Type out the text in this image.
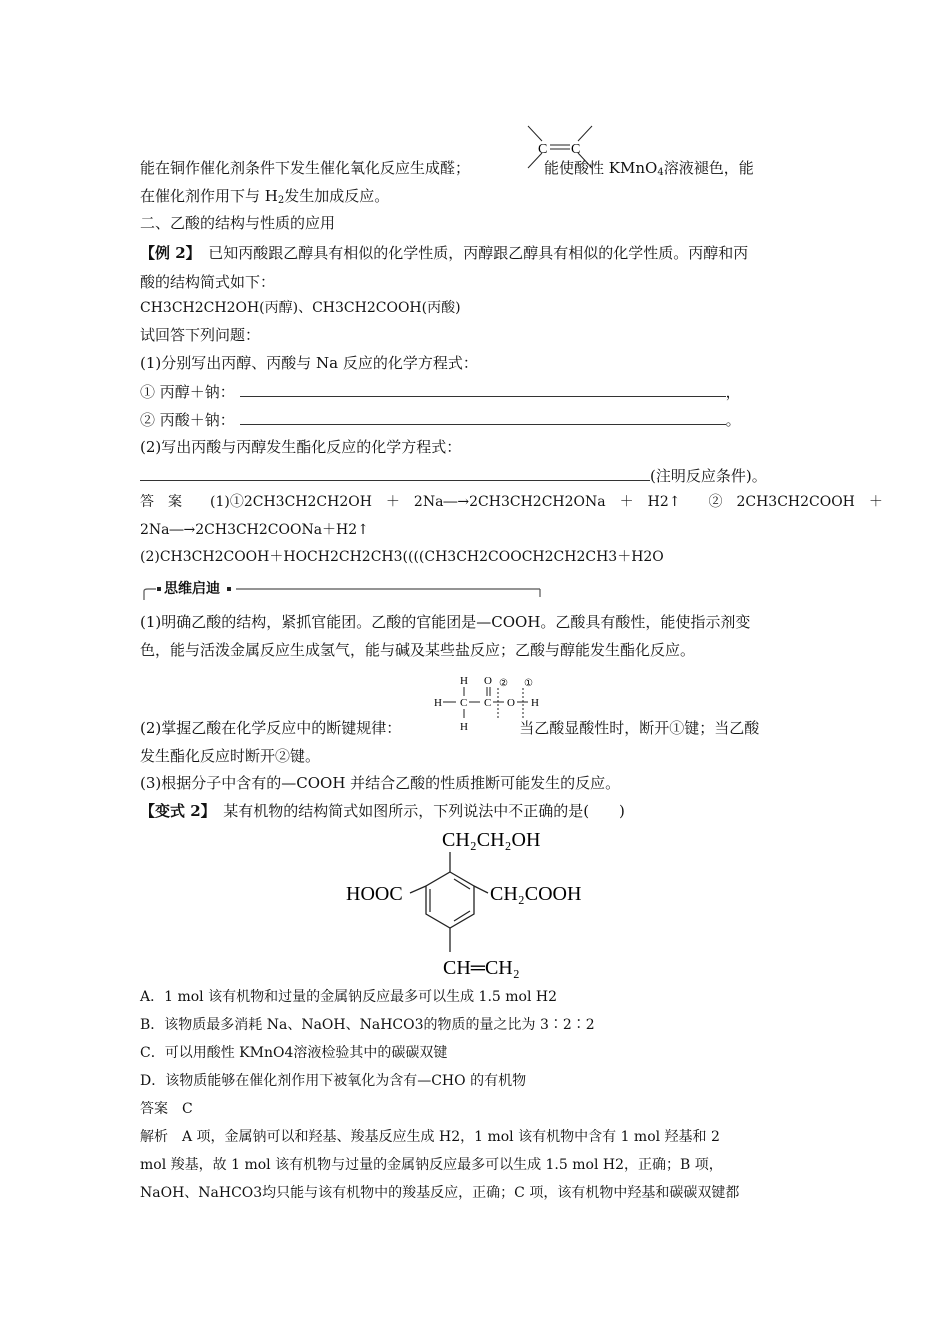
C C
能在铜作催化剂条件下发生催化氧化反应生成醛；	能使酸性 KMnO$_4$溶液褪色，能
在催化剂作用下与 $H_2$发生加成反应。
二、乙酸的结构与性质的应用
【例 2】　 已知丙酸跟乙醇具有相似的化学性质，丙醇跟乙醇具有相似的化学性质。丙醇和丙
酸的结构简式如下：
CH3CH2CH2OH(丙醇)、CH3CH2COOH(丙酸)
试回答下列问题：
(1)分别写出丙醇、丙酸与 Na 反应的化学方程式：
① 丙醇＋钠：	，
② 丙酸＋钠：	。
(2)写出丙酸与丙醇发生酯化反应的化学方程式：
(注明反应条件)。
答　案　　 (1)①2CH3CH2CH2OH　＋　2Na―→2CH3CH2CH2ONa　＋　H2↑　　②　2CH3CH2COOH　＋
2Na―→2CH3CH2COONa＋H2↑
(2)CH3CH2COOH＋HOCH2CH2CH3((((CH3CH2COOCH2CH2CH3＋H2O
思维启迪
(1)明确乙酸的结构，紧抓官能团。乙酸的官能团是—COOH。乙酸具有酸性，能使指示剂变
色，能与活泼金属反应生成氢气，能与碱及某些盐反应；乙酸与醇能发生酯化反应。
H
H C
H
O
C
②
O
①
H
(2)掌握乙酸在化学反应中的断键规律：	当乙酸显酸性时，断开①键；当乙酸
发生酯化反应时断开②键。
(3)根据分子中含有的—COOH 并结合乙酸的性质推断可能发生的反应。
【变式 2】　 某有机物的结构简式如图所示，下列说法中不正确的是(　　)
CH₂CH₂OH
HOOC	CH₂COOH
CH═CH₂
A．1 mol 该有机物和过量的金属钠反应最多可以生成 1.5 mol H2
B．该物质最多消耗 Na、NaOH、NaHCO3的物质的量之比为 3∶2∶2
C．可以用酸性 KMnO4溶液检验其中的碳碳双键
D．该物质能够在催化剂作用下被氧化为含有—CHO 的有机物
答案　C
解析　A 项，金属钠可以和羟基、羧基反应生成 H2，1 mol 该有机物中含有 1 mol 羟基和 2
mol 羧基，故 1 mol 该有机物与过量的金属钠反应最多可以生成 1.5 mol H2，正确；B 项，
NaOH、NaHCO3均只能与该有机物中的羧基反应，正确；C 项，该有机物中羟基和碳碳双键都
